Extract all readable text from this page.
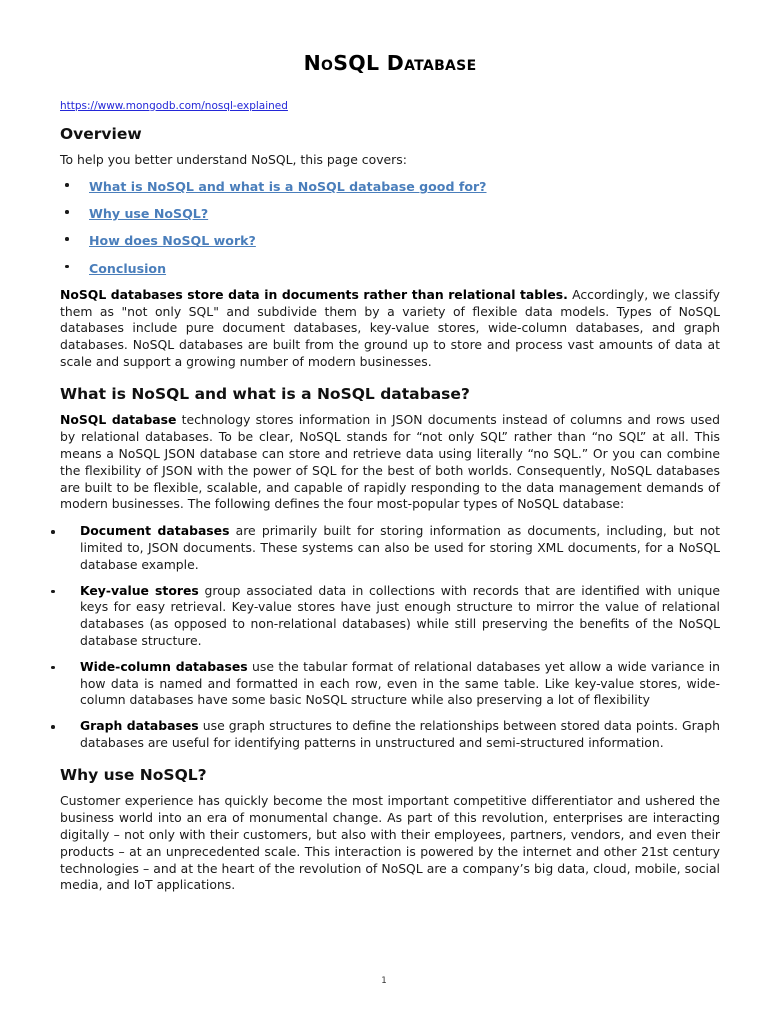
NoSQL Database
https://www.mongodb.com/nosql-explained
Overview

To help you better understand NoSQL, this page covers:

What is NoSQL and what is a NoSQL database good for?
Why use NoSQL?
How does NoSQL work?
Conclusion

NoSQL databases store data in documents rather than relational tables. Accordingly, we classify them as "not only SQL" and subdivide them by a variety of flexible data models. Types of NoSQL databases include pure document databases, key-value stores, wide-column databases, and graph databases. NoSQL databases are built from the ground up to store and process vast amounts of data at scale and support a growing number of modern businesses.

What is NoSQL and what is a NoSQL database?

NoSQL database technology stores information in JSON documents instead of columns and rows used by relational databases. To be clear, NoSQL stands for “not only SQL” rather than “no SQL” at all. This means a NoSQL JSON database can store and retrieve data using literally “no SQL.” Or you can combine the flexibility of JSON with the power of SQL for the best of both worlds. Consequently, NoSQL databases are built to be flexible, scalable, and capable of rapidly responding to the data management demands of modern businesses. The following defines the four most-popular types of NoSQL database:

Document databases are primarily built for storing information as documents, including, but not limited to, JSON documents. These systems can also be used for storing XML documents, for a NoSQL database example.
Key‑value stores group associated data in collections with records that are identified with unique keys for easy retrieval. Key-value stores have just enough structure to mirror the value of relational databases (as opposed to non-relational databases) while still preserving the benefits of the NoSQL database structure.
Wide‑column databases use the tabular format of relational databases yet allow a wide variance in how data is named and formatted in each row, even in the same table. Like key-value stores, wide-column databases have some basic NoSQL structure while also preserving a lot of flexibility
Graph databases use graph structures to define the relationships between stored data points. Graph databases are useful for identifying patterns in unstructured and semi-structured information.
Why use NoSQL?

Customer experience has quickly become the most important competitive differentiator and ushered the business world into an era of monumental change. As part of this revolution, enterprises are interacting digitally – not only with their customers, but also with their employees, partners, vendors, and even their products – at an unprecedented scale. This interaction is powered by the internet and other 21st century technologies – and at the heart of the revolution of NoSQL are a company’s big data, cloud, mobile, social media, and IoT applications.

1
